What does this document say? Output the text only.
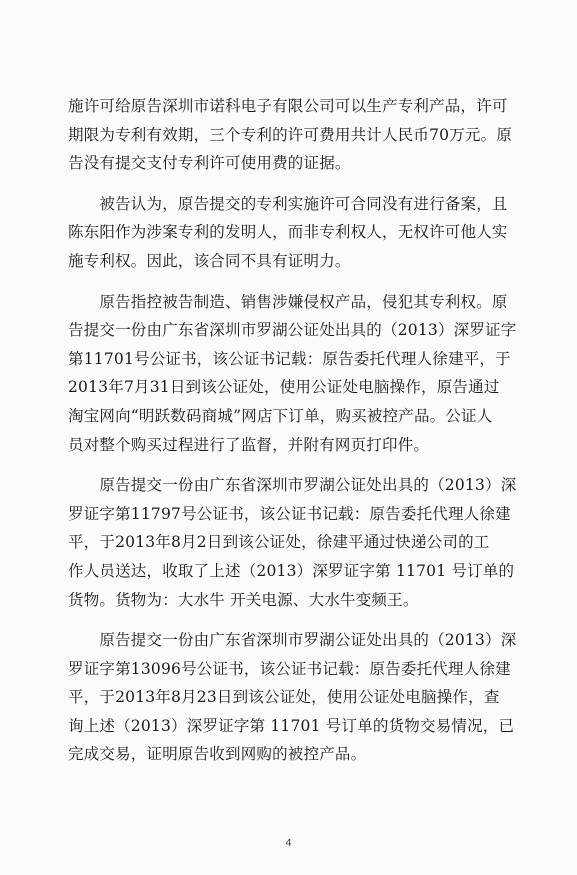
施许可给原告深圳市诺科电子有限公司可以生产专利产品，许可
期限为专利有效期，三个专利的许可费用共计人民币70万元。原
告没有提交支付专利许可使用费的证据。
　　被告认为，原告提交的专利实施许可合同没有进行备案，且
陈东阳作为涉案专利的发明人，而非专利权人，无权许可他人实
施专利权。因此，该合同不具有证明力。
　　原告指控被告制造、销售涉嫌侵权产品，侵犯其专利权。原
告提交一份由广东省深圳市罗湖公证处出具的（2013）深罗证字
第11701号公证书，该公证书记载：原告委托代理人徐建平，于
2013年7月31日到该公证处，使用公证处电脑操作，原告通过
淘宝网向“明跃数码商城”网店下订单，购买被控产品。公证人
员对整个购买过程进行了监督，并附有网页打印件。
　　原告提交一份由广东省深圳市罗湖公证处出具的（2013）深
罗证字第11797号公证书，该公证书记载：原告委托代理人徐建
平，于2013年8月2日到该公证处，徐建平通过快递公司的工
作人员送达，收取了上述（2013）深罗证字第 11701 号订单的
货物。货物为：大水牛 开关电源、大水牛变频王。
　　原告提交一份由广东省深圳市罗湖公证处出具的（2013）深
罗证字第13096号公证书，该公证书记载：原告委托代理人徐建
平，于2013年8月23日到该公证处，使用公证处电脑操作，查
询上述（2013）深罗证字第 11701 号订单的货物交易情况，已
完成交易，证明原告收到网购的被控产品。
4
